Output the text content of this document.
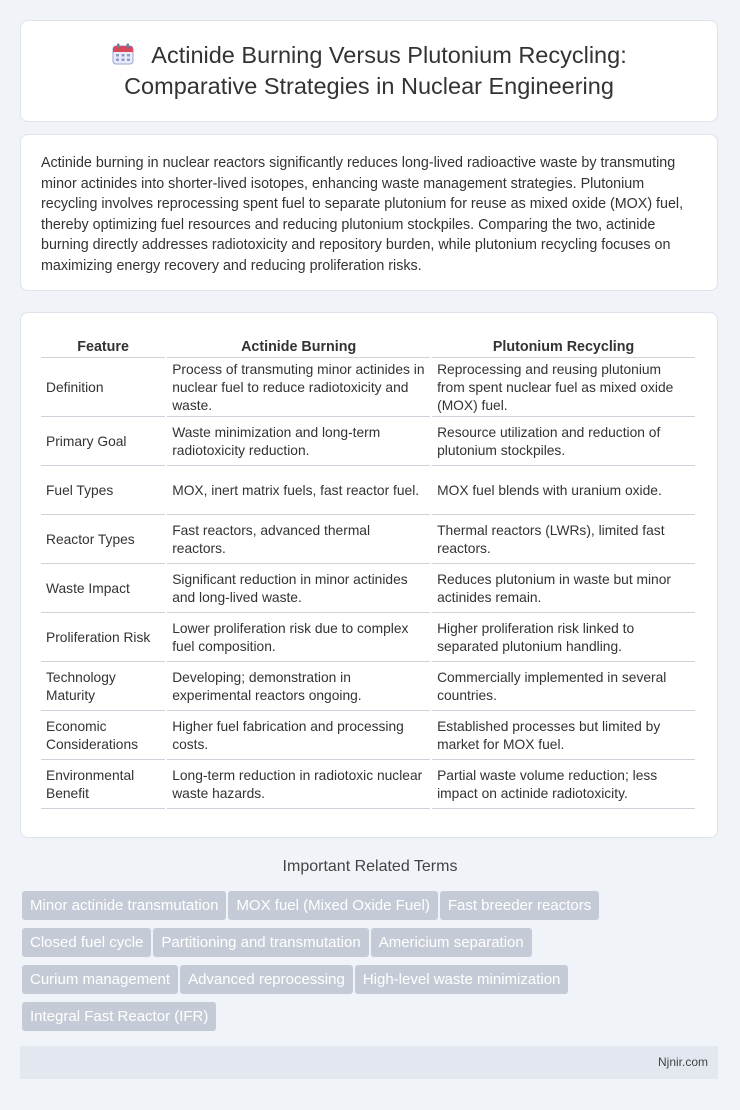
Actinide Burning Versus Plutonium Recycling:
Comparative Strategies in Nuclear Engineering

Actinide burning in nuclear reactors significantly reduces long-lived radioactive waste by transmuting minor actinides into shorter-lived isotopes, enhancing waste management strategies. Plutonium recycling involves reprocessing spent fuel to separate plutonium for reuse as mixed oxide (MOX) fuel, thereby optimizing fuel resources and reducing plutonium stockpiles. Comparing the two, actinide burning directly addresses radiotoxicity and repository burden, while plutonium recycling focuses on maximizing energy recovery and reducing proliferation risks.

Feature	Actinide Burning	Plutonium Recycling
Definition	Process of transmuting minor actinides in nuclear fuel to reduce radiotoxicity and waste.	Reprocessing and reusing plutonium from spent nuclear fuel as mixed oxide (MOX) fuel.
Primary Goal	Waste minimization and long-term radiotoxicity reduction.	Resource utilization and reduction of plutonium stockpiles.
Fuel Types	MOX, inert matrix fuels, fast reactor fuel.	MOX fuel blends with uranium oxide.
Reactor Types	Fast reactors, advanced thermal reactors.	Thermal reactors (LWRs), limited fast reactors.
Waste Impact	Significant reduction in minor actinides and long-lived waste.	Reduces plutonium in waste but minor actinides remain.
Proliferation Risk	Lower proliferation risk due to complex fuel composition.	Higher proliferation risk linked to separated plutonium handling.
Technology Maturity	Developing; demonstration in experimental reactors ongoing.	Commercially implemented in several countries.
Economic Considerations	Higher fuel fabrication and processing costs.	Established processes but limited by market for MOX fuel.
Environmental Benefit	Long-term reduction in radiotoxic nuclear waste hazards.	Partial waste volume reduction; less impact on actinide radiotoxicity.
Important Related Terms
Minor actinide transmutation MOX fuel (Mixed Oxide Fuel) Fast breeder reactors
Closed fuel cycle Partitioning and transmutation Americium separation
Curium management Advanced reprocessing High-level waste minimization
Integral Fast Reactor (IFR)
Njnir.com
